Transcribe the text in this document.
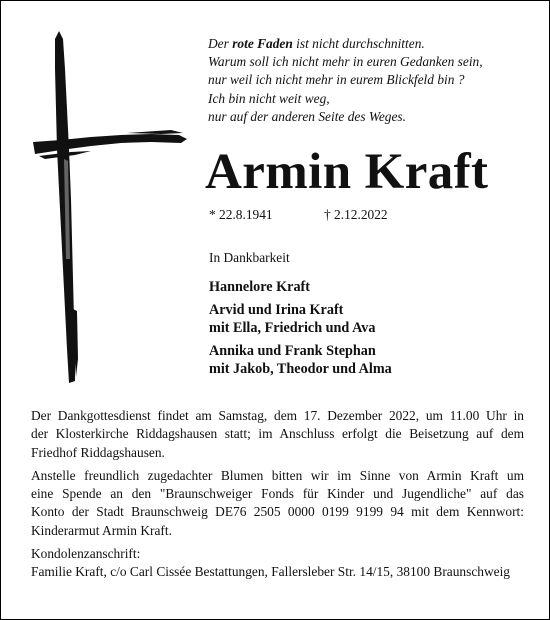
Der rote Faden ist nicht durchschnitten.
Warum soll ich nicht mehr in euren Gedanken sein,
nur weil ich nicht mehr in eurem Blickfeld bin ?
Ich bin nicht weit weg,
nur auf der anderen Seite des Weges.
Armin Kraft
* 22.8.1941	† 2.12.2022
In Dankbarkeit
Hannelore Kraft
Arvid und Irina Kraft
mit Ella, Friedrich und Ava
Annika und Frank Stephan
mit Jakob, Theodor und Alma
Der Dankgottesdienst findet am Samstag, dem 17. Dezember 2022, um 11.00 Uhr in
der Klosterkirche Riddagshausen statt; im Anschluss erfolgt die Beisetzung auf dem
Friedhof Riddagshausen.
Anstelle freundlich zugedachter Blumen bitten wir im Sinne von Armin Kraft um
eine Spende an den "Braunschweiger Fonds für Kinder und Jugendliche" auf das
Konto der Stadt Braunschweig DE76 2505 0000 0199 9199 94 mit dem Kennwort:
Kinderarmut Armin Kraft.
Kondolenzanschrift:
Familie Kraft, c/o Carl Cissée Bestattungen, Fallersleber Str. 14/15, 38100 Braunschweig
